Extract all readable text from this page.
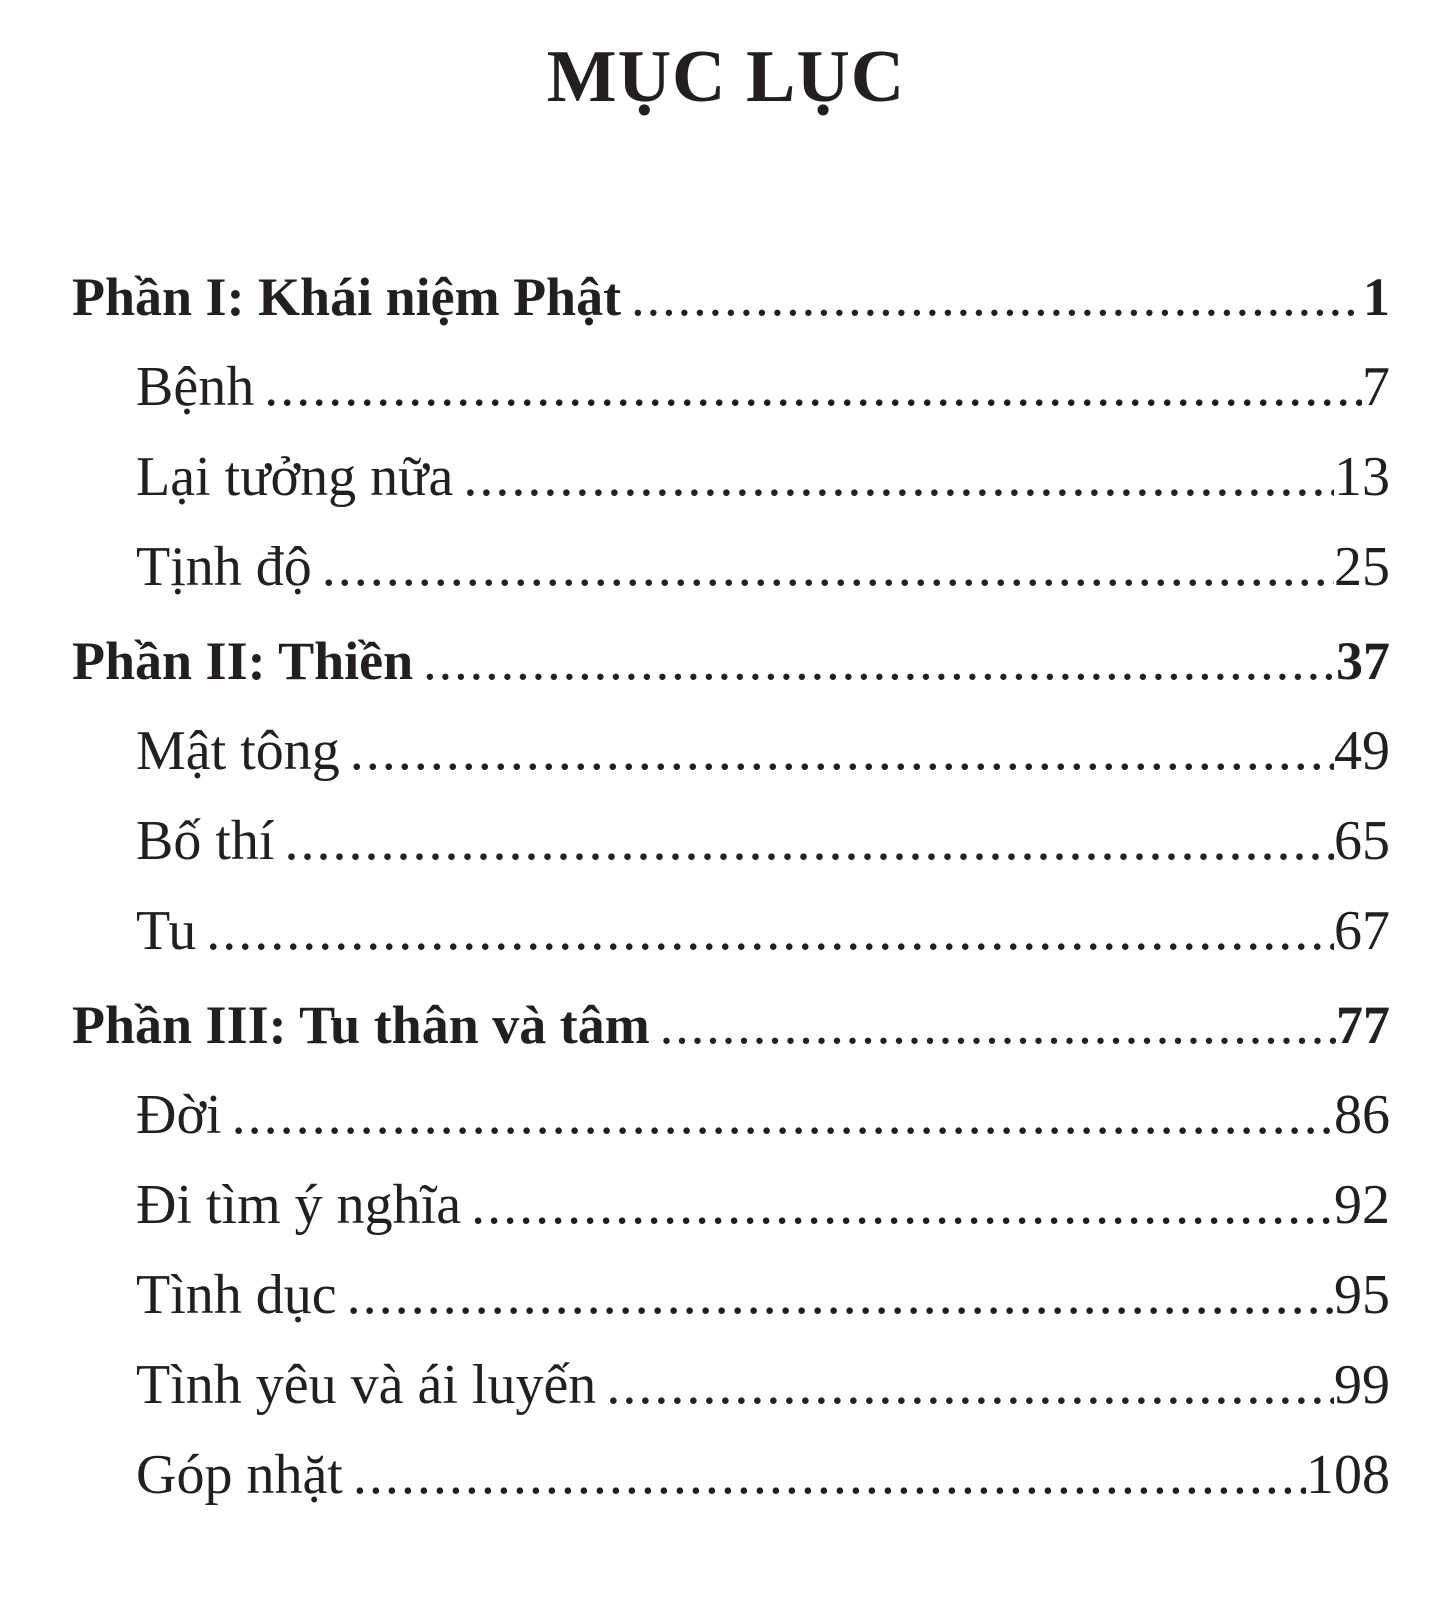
MỤC LỤC
Phần I: Khái niệm Phật .....	1
Bệnh .....	7
Lại tưởng nữa .....	13
Tịnh độ .....	25
Phần II: Thiền .....	37
Mật tông .....	49
Bố thí .....	65
Tu .....	67
Phần III: Tu thân và tâm .....	77
Đời .....	86
Đi tìm ý nghĩa .....	92
Tình dục .....	95
Tình yêu và ái luyến .....	99
Góp nhặt .....	108
